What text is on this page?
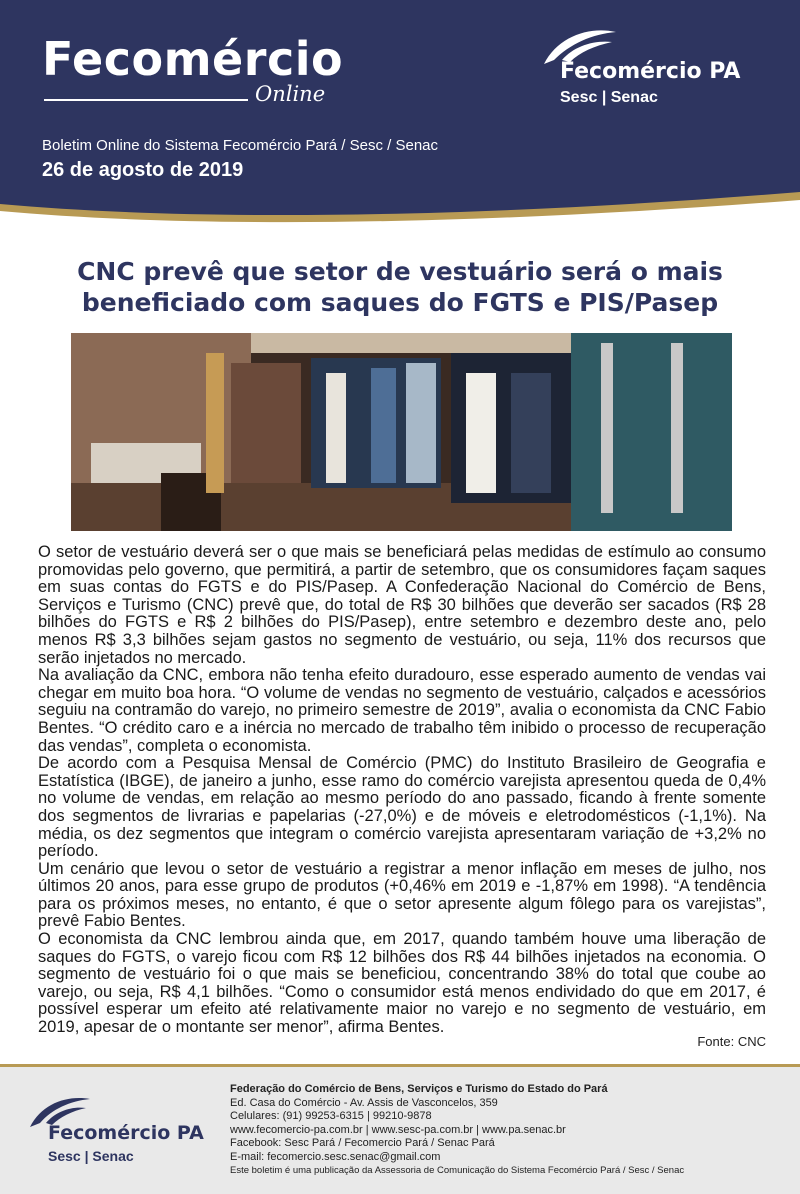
Fecomércio
Online
Fecomércio PA
Sesc | Senac
Boletim Online do Sistema Fecomércio Pará / Sesc / Senac
26 de agosto de 2019
CNC prevê que setor de vestuário será o mais beneficiado com saques do FGTS e PIS/Pasep

O setor de vestuário deverá ser o que mais se beneficiará pelas medidas de estímulo ao consumo promovidas pelo governo, que permitirá, a partir de setembro, que os consumidores façam saques em suas contas do FGTS e do PIS/Pasep. A Confederação Nacional do Comércio de Bens, Serviços e Turismo (CNC) prevê que, do total de R$ 30 bilhões que deverão ser sacados (R$ 28 bilhões do FGTS e R$ 2 bilhões do PIS/Pasep), entre setembro e dezembro deste ano, pelo menos R$ 3,3 bilhões sejam gastos no segmento de vestuário, ou seja, 11% dos recursos que serão injetados no mercado.

Na avaliação da CNC, embora não tenha efeito duradouro, esse esperado aumento de vendas vai chegar em muito boa hora. “O volume de vendas no segmento de vestuário, calçados e acessórios seguiu na contramão do varejo, no primeiro semestre de 2019”, avalia o economista da CNC Fabio Bentes. “O crédito caro e a inércia no mercado de trabalho têm inibido o processo de recuperação das vendas”, completa o economista.

De acordo com a Pesquisa Mensal de Comércio (PMC) do Instituto Brasileiro de Geografia e Estatística (IBGE), de janeiro a junho, esse ramo do comércio varejista apresentou queda de 0,4% no volume de vendas, em relação ao mesmo período do ano passado, ficando à frente somente dos segmentos de livrarias e papelarias (-27,0%) e de móveis e eletrodomésticos (-1,1%). Na média, os dez segmentos que integram o comércio varejista apresentaram variação de +3,2% no período.

Um cenário que levou o setor de vestuário a registrar a menor inflação em meses de julho, nos últimos 20 anos, para esse grupo de produtos (+0,46% em 2019 e -1,87% em 1998). “A tendência para os próximos meses, no entanto, é que o setor apresente algum fôlego para os varejistas”, prevê Fabio Bentes.

O economista da CNC lembrou ainda que, em 2017, quando também houve uma liberação de saques do FGTS, o varejo ficou com R$ 12 bilhões dos R$ 44 bilhões injetados na economia. O segmento de vestuário foi o que mais se beneficiou, concentrando 38% do total que coube ao varejo, ou seja, R$ 4,1 bilhões. “Como o consumidor está menos endividado do que em 2017, é possível esperar um efeito até relativamente maior no varejo e no segmento de vestuário, em 2019, apesar de o montante ser menor”, afirma Bentes.

Fonte: CNC
Fecomércio PA
Sesc | Senac
Federação do Comércio de Bens, Serviços e Turismo do Estado do Pará
Ed. Casa do Comércio - Av. Assis de Vasconcelos, 359
Celulares: (91) 99253-6315 | 99210-9878
www.fecomercio-pa.com.br | www.sesc-pa.com.br | www.pa.senac.br
Facebook: Sesc Pará / Fecomercio Pará / Senac Pará
E-mail: fecomercio.sesc.senac@gmail.com
Este boletim é uma publicação da Assessoria de Comunicação do Sistema Fecomércio Pará / Sesc / Senac
